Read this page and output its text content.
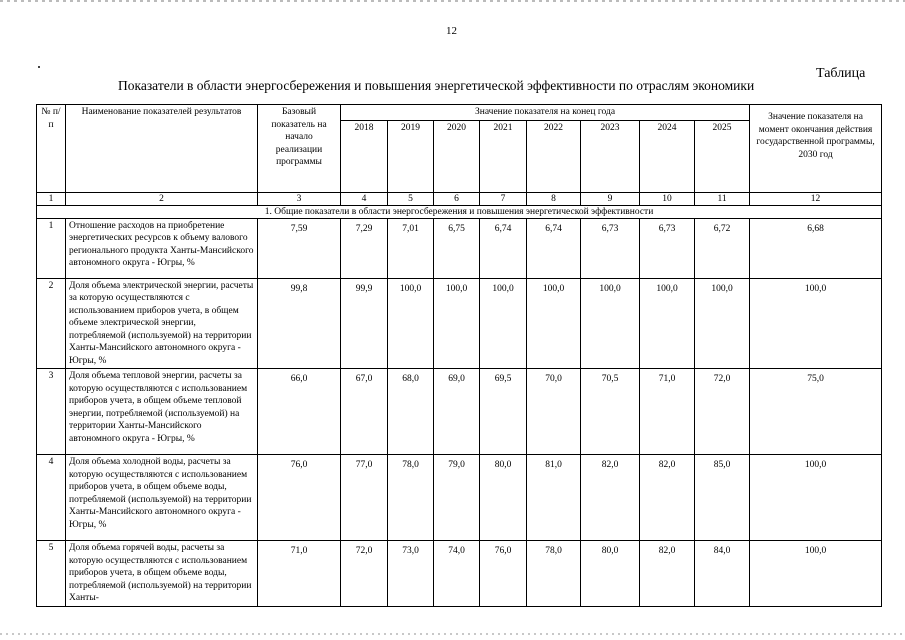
12
Таблица
Показатели в области энергосбережения и повышения энергетической эффективности по отраслям экономики
№ п/п	Наименование показателей результатов	Базовый показатель на начало реализации программы	Значение показателя на конец года								Значение показателя на момент окончания действия государственной программы, 2030 год
			2018	2019	2020	2021	2022	2023	2024	2025	
1	2	3	4	5	6	7	8	9	10	11	12
1. Общие показатели в области энергосбережения и повышения энергетической эффективности											
1	Отношение расходов на приобретение энергетических ресурсов к объему валового регионального продукта Ханты-Мансийского автономного округа - Югры, %	7,59	7,29	7,01	6,75	6,74	6,74	6,73	6,73	6,72	6,68
2	Доля объема электрической энергии, расчеты за которую осуществляются с использованием приборов учета, в общем объеме электрической энергии, потребляемой (используемой) на территории Ханты-Мансийского автономного округа - Югры, %	99,8	99,9	100,0	100,0	100,0	100,0	100,0	100,0	100,0	100,0
3	Доля объема тепловой энергии, расчеты за которую осуществляются с использованием приборов учета, в общем объеме тепловой энергии, потребляемой (используемой) на территории Ханты-Мансийского автономного округа - Югры, %	66,0	67,0	68,0	69,0	69,5	70,0	70,5	71,0	72,0	75,0
4	Доля объема холодной воды, расчеты за которую осуществляются с использованием приборов учета, в общем объеме воды, потребляемой (используемой) на территории Ханты-Мансийского автономного округа - Югры, %	76,0	77,0	78,0	79,0	80,0	81,0	82,0	82,0	85,0	100,0
5	Доля объема горячей воды, расчеты за которую осуществляются с использованием приборов учета, в общем объеме воды, потребляемой (используемой) на территории Ханты-	71,0	72,0	73,0	74,0	76,0	78,0	80,0	82,0	84,0	100,0
